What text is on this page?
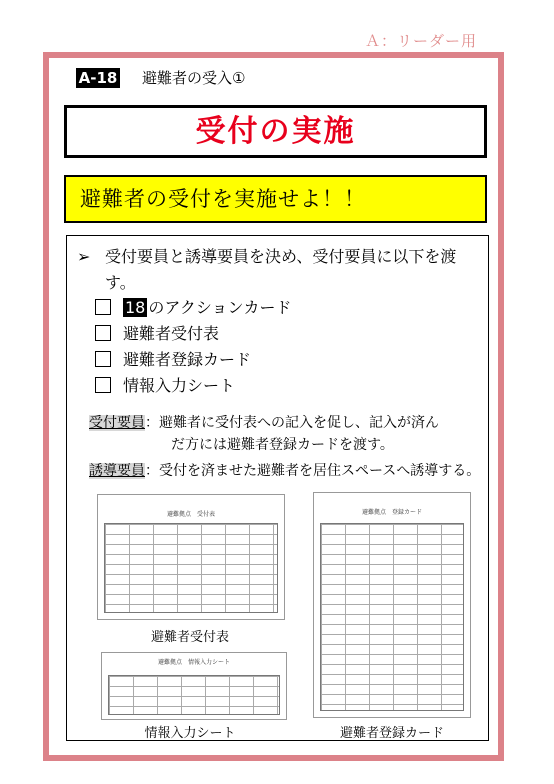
Ａ：リーダー用
A-18 避難者の受入①
受付の実施
避難者の受付を実施せよ！！
➢ 受付要員と誘導要員を決め、受付要員に以下を渡す。
18 のアクションカード
避難者受付表
避難者登録カード
情報入力シート
受付要員：避難者に受付表への記入を促し、記入が済ん
だ方には避難者登録カードを渡す。
誘導要員：受付を済ませた避難者を居住スペースへ誘導する。
避難拠点　受付表
避難者受付表
避難拠点　情報入力シート
情報入力シート
避難拠点　登録カード
避難者登録カード
